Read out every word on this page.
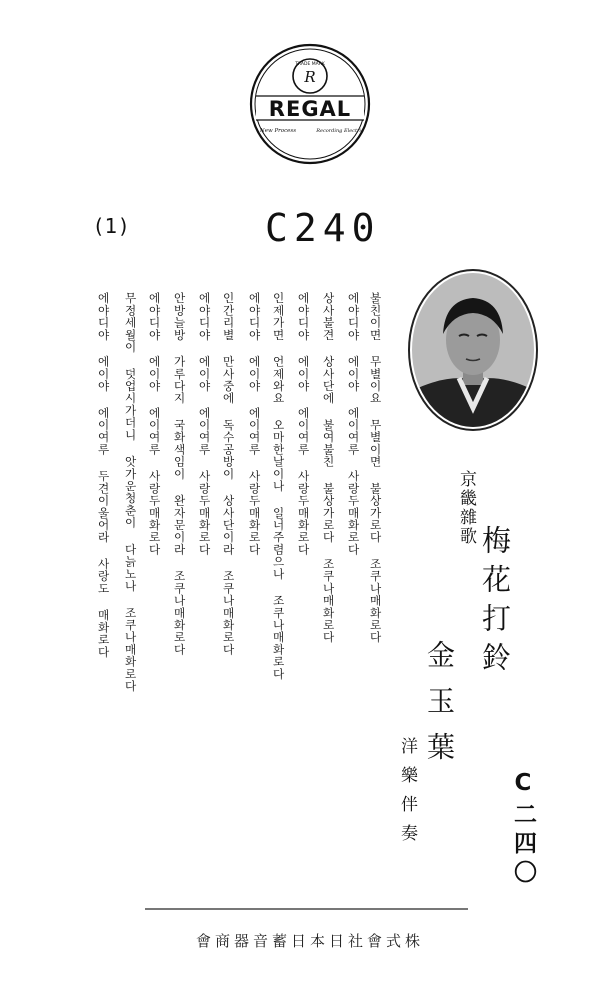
R
TRADE MARK
REGAL
New Process	Recording Electric
(1)	C240
京畿雜歌
梅花打鈴
金玉葉
洋樂伴奏	C二四〇
불친이면 무별이요 무별이면 불상가로다 조쿠나매화로다
에야디야 에이야 에이여루 사랑두매화로다
상사불견 상사단에 불여불친 불상가로다 조쿠나매화로다
에야디야 에이야 에이여루 사랑두매화로다
인제가면 언제와요 오마한날이나 일너주렴으나 조쿠나매화로다
에야디야 에이야 에이여루 사랑두매화로다
인간리별 만사중에 독수공방이 상사단이라 조쿠나매화로다
에야디야 에이야 에이여루 사랑두매화로다
안방늘방 가루다지 국화색임이 완자문이라 조쿠나매화로다
에야디야 에이야 에이여루 사랑두매화로다
무정세월이 덧업시가더니 앗가운청춘이 다늙노나 조쿠나매화로다
에야디야 에이야 에이여루 두견이울어라 사랑도 매화로다
會商器音蓄日本日社會式株
